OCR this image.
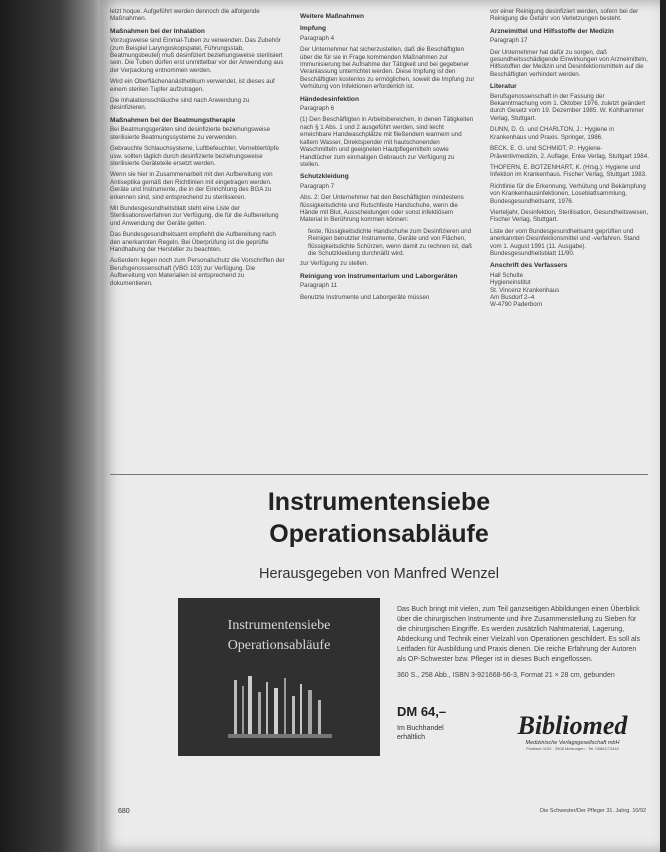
letzt hoque. Aufgeführt werden dennoch die alfolgende Maßnahmen.

Maßnahmen bei der Inhalation

Vorzugsweise sind Einmal-Tuben zu verwenden. Das Zubehör (zum Beispiel Laryngoskopspatel, Führungsstab, Beatmungsbeutel) muß desinfiziert beziehungsweise sterilisiert sein. Die Tuben dürfen erst unmittelbar vor der Anwendung aus der Verpackung entnommen werden.

Wird ein Oberflächenanästhetikum verwendet, ist dieses auf einem sterilen Tupfer aufzutragen.

Die Inhalationsschläuche sind nach Anwendung zu desinfizieren.

Maßnahmen bei der Beatmungstherapie

Bei Beatmungsgeräten sind desinfizierte beziehungsweise sterilisierte Beatmungssysteme zu verwenden.

Gebrauchte Schlauchsysteme, Luftbefeuchter, Verneblertöpfe usw. sollten täglich durch desinfizierte beziehungsweise sterilisierte Geräteteile ersetzt werden.

Wenn sie hier in Zusammenarbeit mit den Aufbereitung von Antiseptika gemäß den Richtlinien mit eingetragen werden. Geräte und Instrumente, die in der Einrichtung des BGA zu erkennen sind, sind entsprechend zu sterilisieren.

Mit Bundesgesundheitsblatt steht eine Liste der Sterilisationsverfahren zur Verfügung, die für die Aufbereitung und Anwendung der Geräte gelten.

Das Bundesgesundheitsamt empfiehlt die Aufbereitung nach den anerkannten Regeln. Bei Überprüfung ist die geprüfte Handhabung der Hersteller zu beachten.

Außerdem liegen noch zum Personalschutz die Vorschriften der Berufsgenossenschaft (VBG 103) zur Verfügung. Die Aufbereitung von Materialien ist entsprechend zu dokumentieren.

Weitere Maßnahmen
Impfung

Paragraph 4

Der Unternehmer hat sicherzustellen, daß die Beschäftigten über die für sie in Frage kommenden Maßnahmen zur Immunisierung bei Aufnahme der Tätigkeit und bei gegebener Veranlassung unterrichtet werden. Diese Impfung ist den Beschäftigten kostenlos zu ermöglichen, soweit die Impfung zur Verhütung von Infektionen erforderlich ist.

Händedesinfektion

Paragraph 6

(1) Den Beschäftigten in Arbeitsbereichen, in denen Tätigkeiten nach § 1 Abs. 1 und 2 ausgeführt werden, sind leicht erreichbare Handwaschplätze mit fließendem warmem und kaltem Wasser, Direktspender mit hautschonenden Waschmitteln und geeigneten Hautpflegemitteln sowie Handtücher zum einmaligen Gebrauch zur Verfügung zu stellen.

Schutzkleidung

Paragraph 7

Abs. 2: Der Unternehmer hat den Beschäftigten mindestens flüssigkeitsdichte und Rutschfeste Handschuhe, wenn die Hände mit Blut, Ausscheidungen oder sonst infektiösem Material in Berührung kommen können:

• feste, flüssigkeitsdichte Handschuhe zum Desinfizieren und Reinigen benutzter Instrumente, Geräte und von Flächen,
• flüssigkeitsdichte Schürzen, wenn damit zu rechnen ist, daß die Schutzkleidung durchnäßt wird.

zur Verfügung zu stellen.

Reinigung von Instrumentarium und Laborgeräten

Paragraph 11

Benutzte Instrumente und Laborgeräte müssen

vor einer Reinigung desinfiziert werden, sofern bei der Reinigung die Gefahr von Verletzungen besteht.

Arzneimittel und Hilfsstoffe der Medizin

Paragraph 17

Der Unternehmer hat dafür zu sorgen, daß gesundheitsschädigende Einwirkungen von Arzneimitteln, Hilfsstoffen der Medizin und Desinfektionsmitteln auf die Beschäftigten verhindert werden.

Literatur

Berufsgenossenschaft in der Fassung der Bekanntmachung vom 1. Oktober 1976, zuletzt geändert durch Gesetz vom 19. Dezember 1985. W. Kohlhammer Verlag, Stuttgart.

DUNN, D. G. und CHARLTON, J.: Hygiene in Krankenhaus und Praxis. Springer, 1986.

BECK, E. G. und SCHMIDT, P.: Hygiene-Präventivmedizin, 2. Auflage, Enke Verlag, Stuttgart 1984.

THOFERN, E. BOTZENHART, K. (Hrsg.): Hygiene und Infektion im Krankenhaus. Fischer Verlag, Stuttgart 1983.

Richtlinie für die Erkennung, Verhütung und Bekämpfung von Krankenhausinfektionen, Loseblattsammlung, Bundesgesundheitsamt, 1976.

Vierteljahr, Desinfektion, Sterilisation, Gesundheitswesen, Fischer Verlag, Stuttgart.

Liste der vom Bundesgesundheitsamt geprüften und anerkannten Desinfektionsmittel und -verfahren. Stand vom 1. August 1991 (11. Ausgabe). Bundesgesundheitsblatt 11/90.

Anschrift des Verfassers
Hall Schulte
Hygieneinstitut
St. Vincenz Krankenhaus
Am Busdorf 2–4
W-4790 Paderborn
Instrumentensiebe
Operationsabläufe
Herausgegeben von Manfred Wenzel
Instrumentensiebe
Operationsabläufe

Das Buch bringt mit vielen, zum Teil ganzseitigen Abbildungen einen Überblick über die chirurgischen Instrumente und ihre Zusammenstellung zu Sieben für die chirurgischen Eingriffe. Es werden zusätzlich Nahtmaterial, Lagerung, Abdeckung und Technik einer Vielzahl von Operationen geschildert. Es soll als Leitfaden für Ausbildung und Praxis dienen. Die reiche Erfahrung der Autoren als OP-Schwester bzw. Pfleger ist in dieses Buch eingeflossen.

360 S., 258 Abb., ISBN 3-921668-56-3, Format 21 × 28 cm, gebunden

DM 64,–
Im Buchhandel
erhältlich	Bibliomed
Medizinische Verlagsgesellschaft mbH
Postfach 1150 · 3508 Melsungen · Tel. 05661/73440
680	Die Schwester/Der Pfleger 31. Jahrg. 10/92
